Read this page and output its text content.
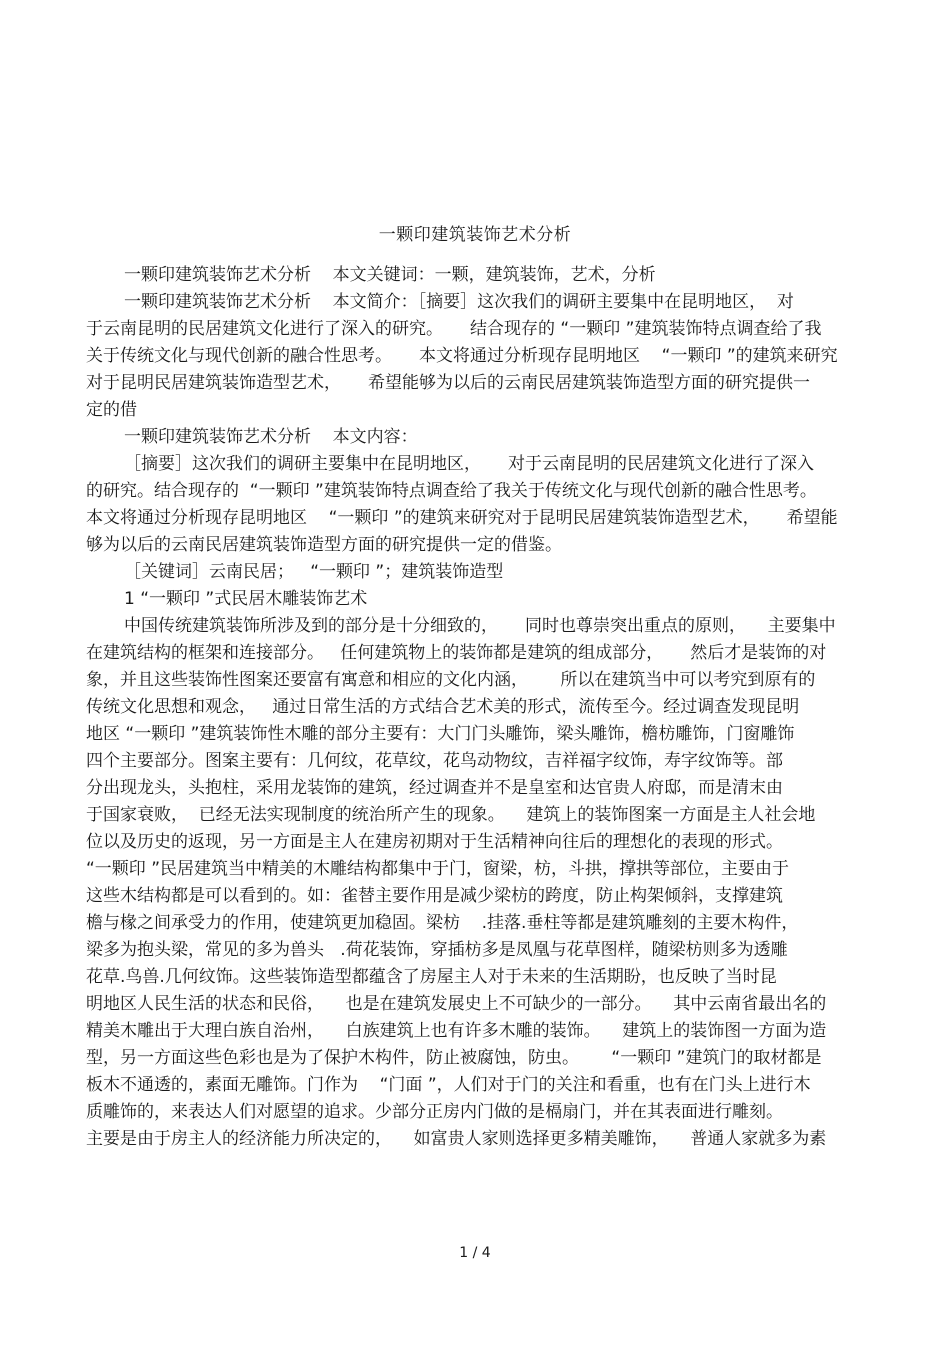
一颗印建筑装饰艺术分析
一颗印建筑装饰艺术分析    本文关键词：一颗，建筑装饰，艺术，分析
一颗印建筑装饰艺术分析    本文简介：［摘要］这次我们的调研主要集中在昆明地区，  对
于云南昆明的民居建筑文化进行了深入的研究。     结合现存的 “一颗印 ”建筑装饰特点调查给了我
关于传统文化与现代创新的融合性思考。     本文将通过分析现存昆明地区    “一颗印 ”的建筑来研究
对于昆明民居建筑装饰造型艺术，     希望能够为以后的云南民居建筑装饰造型方面的研究提供一
定的借
一颗印建筑装饰艺术分析    本文内容：
［摘要］这次我们的调研主要集中在昆明地区，     对于云南昆明的民居建筑文化进行了深入
的研究。结合现存的  “一颗印 ”建筑装饰特点调查给了我关于传统文化与现代创新的融合性思考。
本文将通过分析现存昆明地区    “一颗印 ”的建筑来研究对于昆明民居建筑装饰造型艺术，     希望能
够为以后的云南民居建筑装饰造型方面的研究提供一定的借鉴。
［关键词］云南民居；   “一颗印 ”；建筑装饰造型
1 “一颗印 ”式民居木雕装饰艺术
中国传统建筑装饰所涉及到的部分是十分细致的，     同时也尊崇突出重点的原则，    主要集中
在建筑结构的框架和连接部分。   任何建筑物上的装饰都是建筑的组成部分，     然后才是装饰的对
象，并且这些装饰性图案还要富有寓意和相应的文化内涵，      所以在建筑当中可以考究到原有的
传统文化思想和观念，   通过日常生活的方式结合艺术美的形式，流传至今。经过调查发现昆明
地区 “一颗印 ”建筑装饰性木雕的部分主要有：大门门头雕饰，梁头雕饰，檐枋雕饰，门窗雕饰
四个主要部分。图案主要有：几何纹，花草纹，花鸟动物纹，吉祥福字纹饰，寿字纹饰等。部
分出现龙头，头抱柱，采用龙装饰的建筑，经过调查并不是皇室和达官贵人府邸，而是清末由
于国家衰败，  已经无法实现制度的统治所产生的现象。    建筑上的装饰图案一方面是主人社会地
位以及历史的返现，另一方面是主人在建房初期对于生活精神向往后的理想化的表现的形式。
“一颗印 ”民居建筑当中精美的木雕结构都集中于门，窗梁，枋，斗拱，撑拱等部位，主要由于
这些木结构都是可以看到的。如：雀替主要作用是减少梁枋的跨度，防止构架倾斜，支撑建筑
檐与椽之间承受力的作用，使建筑更加稳固。梁枋    .挂落.垂柱等都是建筑雕刻的主要木构件，
梁多为抱头梁，常见的多为兽头   .荷花装饰，穿插枋多是凤凰与花草图样，随梁枋则多为透雕
花草.鸟兽.几何纹饰。这些装饰造型都蕴含了房屋主人对于未来的生活期盼，也反映了当时昆
明地区人民生活的状态和民俗，    也是在建筑发展史上不可缺少的一部分。    其中云南省最出名的
精美木雕出于大理白族自治州，    白族建筑上也有许多木雕的装饰。    建筑上的装饰图一方面为造
型，另一方面这些色彩也是为了保护木构件，防止被腐蚀，防虫。      “一颗印 ”建筑门的取材都是
板木不通透的，素面无雕饰。门作为    “门面 ”，人们对于门的关注和看重，也有在门头上进行木
质雕饰的，来表达人们对愿望的追求。少部分正房内门做的是槅扇门，并在其表面进行雕刻。
主要是由于房主人的经济能力所决定的，    如富贵人家则选择更多精美雕饰，    普通人家就多为素
1 / 4
